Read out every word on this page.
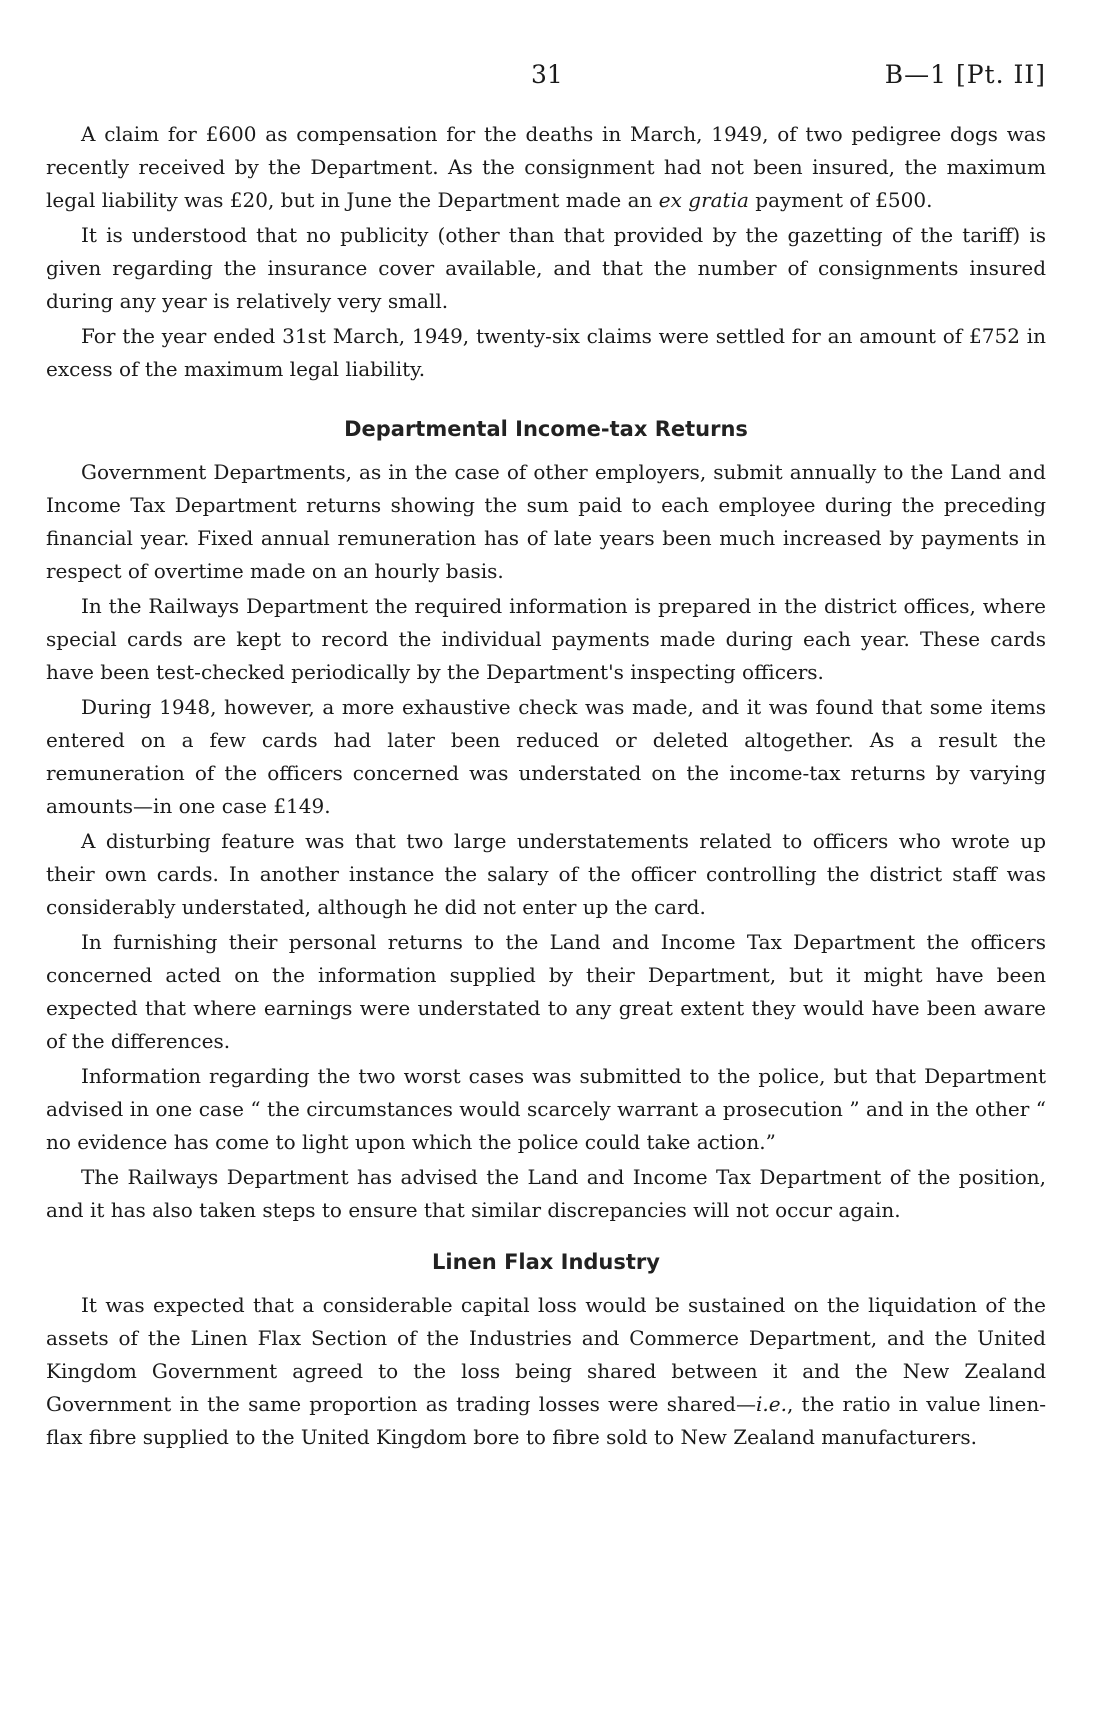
31	B—1 [Pt. II]

A claim for £600 as compensation for the deaths in March, 1949, of two pedigree dogs was recently received by the Department. As the consignment had not been insured, the maximum legal liability was £20, but in June the Department made an ex gratia payment of £500.

It is understood that no publicity (other than that provided by the gazetting of the tariff) is given regarding the insurance cover available, and that the number of consignments insured during any year is relatively very small.

For the year ended 31st March, 1949, twenty-six claims were settled for an amount of £752 in excess of the maximum legal liability.

Departmental Income-tax Returns

Government Departments, as in the case of other employers, submit annually to the Land and Income Tax Department returns showing the sum paid to each employee during the preceding financial year. Fixed annual remuneration has of late years been much increased by payments in respect of overtime made on an hourly basis.

In the Railways Department the required information is prepared in the district offices, where special cards are kept to record the individual payments made during each year. These cards have been test-checked periodically by the Department's inspecting officers.

During 1948, however, a more exhaustive check was made, and it was found that some items entered on a few cards had later been reduced or deleted altogether. As a result the remuneration of the officers concerned was understated on the income-tax returns by varying amounts—in one case £149.

A disturbing feature was that two large understatements related to officers who wrote up their own cards. In another instance the salary of the officer controlling the district staff was considerably understated, although he did not enter up the card.

In furnishing their personal returns to the Land and Income Tax Department the officers concerned acted on the information supplied by their Department, but it might have been expected that where earnings were understated to any great extent they would have been aware of the differences.

Information regarding the two worst cases was submitted to the police, but that Department advised in one case “ the circumstances would scarcely warrant a prosecution ” and in the other “ no evidence has come to light upon which the police could take action.”

The Railways Department has advised the Land and Income Tax Department of the position, and it has also taken steps to ensure that similar discrepancies will not occur again.

Linen Flax Industry

It was expected that a considerable capital loss would be sustained on the liquidation of the assets of the Linen Flax Section of the Industries and Commerce Department, and the United Kingdom Government agreed to the loss being shared between it and the New Zealand Government in the same proportion as trading losses were shared—i.e., the ratio in value linen-flax fibre supplied to the United Kingdom bore to fibre sold to New Zealand manufacturers.
